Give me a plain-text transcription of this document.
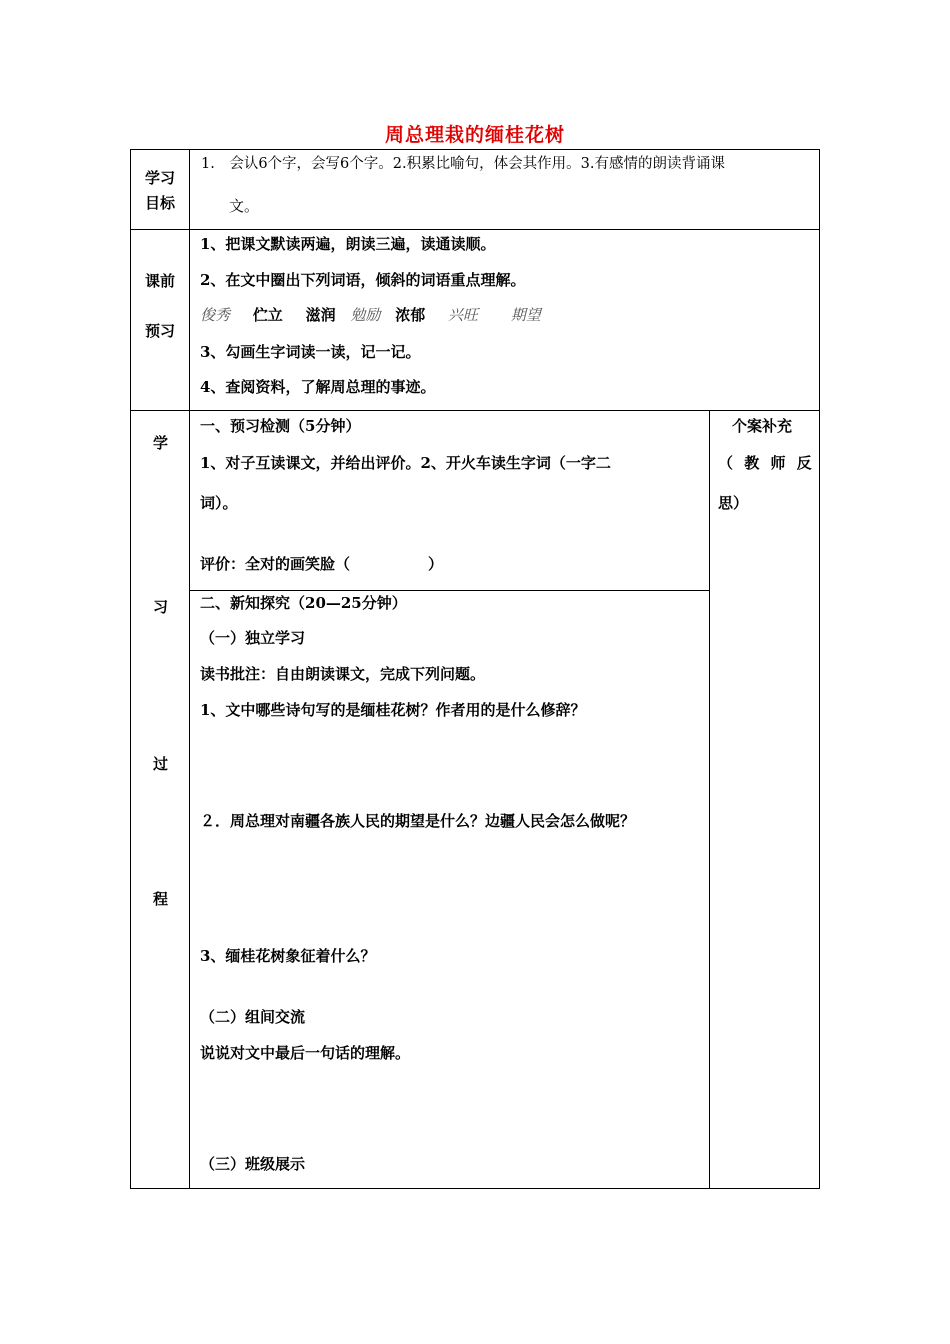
周总理栽的缅桂花树
学习
目标
1.　会认6个字，会写6个字。2.积累比喻句，体会其作用。3.有感情的朗读背诵课
文。
课前
预习
1、把课文默读两遍，朗读三遍，读通读顺。
2、在文中圈出下列词语，倾斜的词语重点理解。
俊秀 伫立 滋润 勉励 浓郁 兴旺 期望
3、勾画生字词读一读，记一记。
4、查阅资料，了解周总理的事迹。
学
习
过
程
个案补充
（ 教 师 反
思）
一、预习检测（5分钟）
1、对子互读课文，并给出评价。2、开火车读生字词（一字二
词）。
评价：全对的画笑脸（	）
二、新知探究（20—25分钟）
（一）独立学习
读书批注：自由朗读课文，完成下列问题。
1、文中哪些诗句写的是缅桂花树？作者用的是什么修辞？
２．周总理对南疆各族人民的期望是什么？边疆人民会怎么做呢？
3、缅桂花树象征着什么？
（二）组间交流
说说对文中最后一句话的理解。
（三）班级展示
